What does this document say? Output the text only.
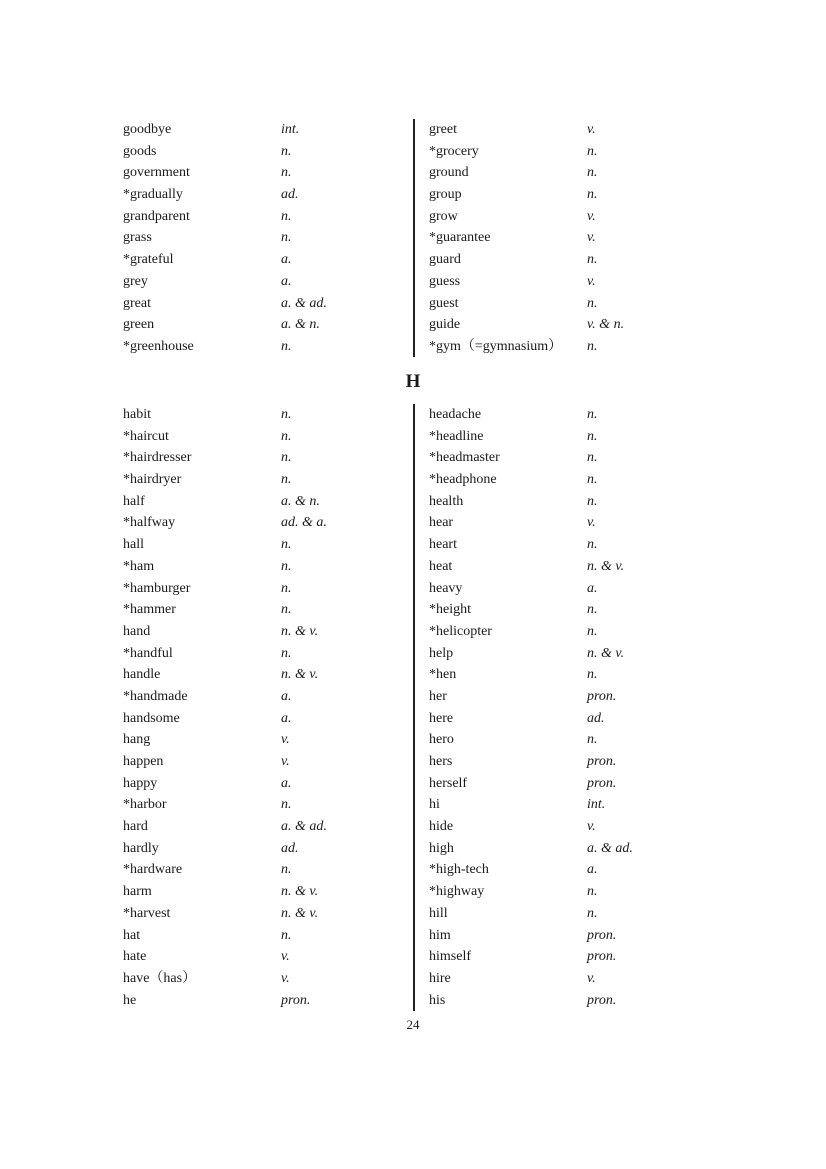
goodbye	int.
goods	n.
government	n.
*gradually	ad.
grandparent	n.
grass	n.
*grateful	a.
grey	a.
great	a. & ad.
green	a. & n.
*greenhouse	n.
greet	v.
*grocery	n.
ground	n.
group	n.
grow	v.
*guarantee	v.
guard	n.
guess	v.
guest	n.
guide	v. & n.
*gym（=gymnasium） n.
H
habit	n.
*haircut	n.
*hairdresser	n.
*hairdryer	n.
half	a. & n.
*halfway	ad. & a.
hall	n.
*ham	n.
*hamburger	n.
*hammer	n.
hand	n. & v.
*handful	n.
handle	n. & v.
*handmade	a.
handsome	a.
hang	v.
happen	v.
happy	a.
*harbor	n.
hard	a. & ad.
hardly	ad.
*hardware	n.
harm	n. & v.
*harvest	n. & v.
hat	n.
hate	v.
have（has）	v.
he	pron.
headache	n.
*headline	n.
*headmaster	n.
*headphone	n.
health	n.
hear	v.
heart	n.
heat	n. & v.
heavy	a.
*height	n.
*helicopter	n.
help	n. & v.
*hen	n.
her	pron.
here	ad.
hero	n.
hers	pron.
herself	pron.
hi	int.
hide	v.
high	a. & ad.
*high-tech	a.
*highway	n.
hill	n.
him	pron.
himself	pron.
hire	v.
his	pron.
24
